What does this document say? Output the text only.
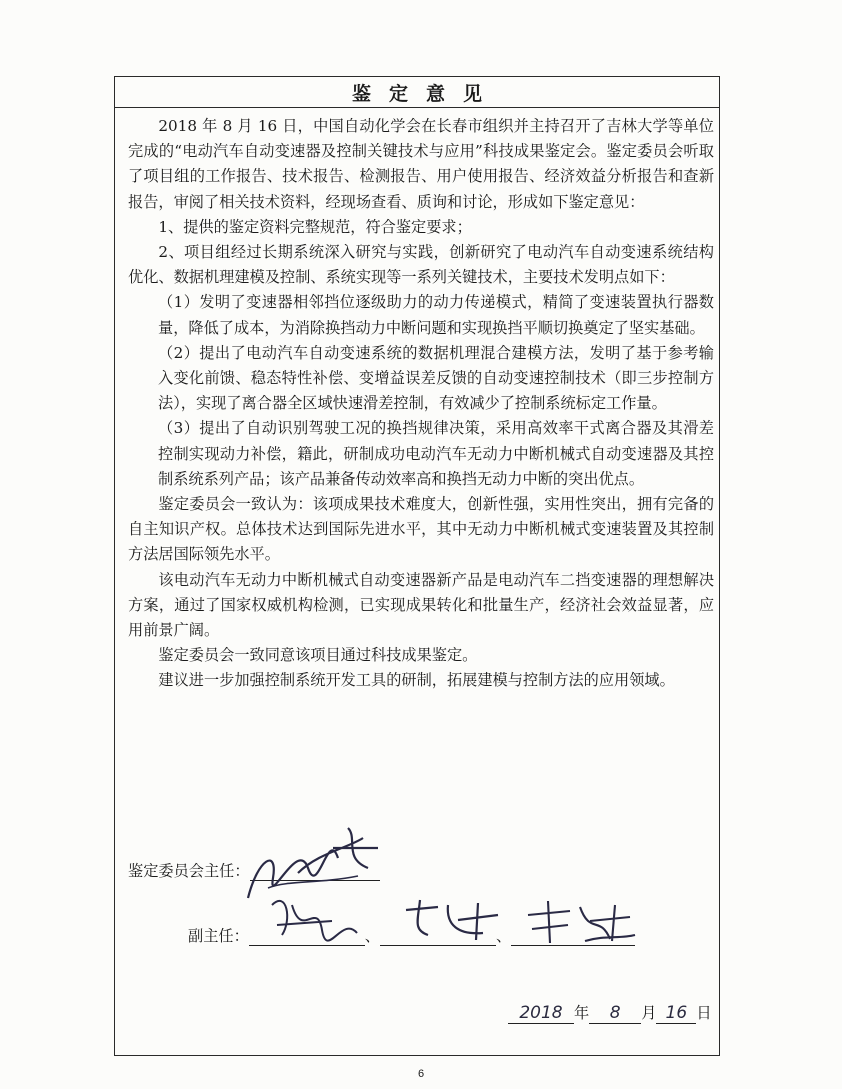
鉴定意见

2018 年 8 月 16 日，中国自动化学会在长春市组织并主持召开了吉林大学等单位完成的“电动汽车自动变速器及控制关键技术与应用”科技成果鉴定会。鉴定委员会听取了项目组的工作报告、技术报告、检测报告、用户使用报告、经济效益分析报告和查新报告，审阅了相关技术资料，经现场查看、质询和讨论，形成如下鉴定意见：

1、提供的鉴定资料完整规范，符合鉴定要求；

2、项目组经过长期系统深入研究与实践，创新研究了电动汽车自动变速系统结构优化、数据机理建模及控制、系统实现等一系列关键技术，主要技术发明点如下：

（1）发明了变速器相邻挡位逐级助力的动力传递模式，精简了变速装置执行器数量，降低了成本，为消除换挡动力中断问题和实现换挡平顺切换奠定了坚实基础。

（2）提出了电动汽车自动变速系统的数据机理混合建模方法，发明了基于参考输入变化前馈、稳态特性补偿、变增益误差反馈的自动变速控制技术（即三步控制方法），实现了离合器全区域快速滑差控制，有效减少了控制系统标定工作量。

（3）提出了自动识别驾驶工况的换挡规律决策，采用高效率干式离合器及其滑差控制实现动力补偿，籍此，研制成功电动汽车无动力中断机械式自动变速器及其控制系统系列产品；该产品兼备传动效率高和换挡无动力中断的突出优点。

鉴定委员会一致认为：该项成果技术难度大，创新性强，实用性突出，拥有完备的自主知识产权。总体技术达到国际先进水平，其中无动力中断机械式变速装置及其控制方法居国际领先水平。

该电动汽车无动力中断机械式自动变速器新产品是电动汽车二挡变速器的理想解决方案，通过了国家权威机构检测，已实现成果转化和批量生产，经济社会效益显著，应用前景广阔。

鉴定委员会一致同意该项目通过科技成果鉴定。

建议进一步加强控制系统开发工具的研制，拓展建模与控制方法的应用领域。

鉴定委员会主任：
副主任：	、	、
2018 年 8 月 16 日
6
